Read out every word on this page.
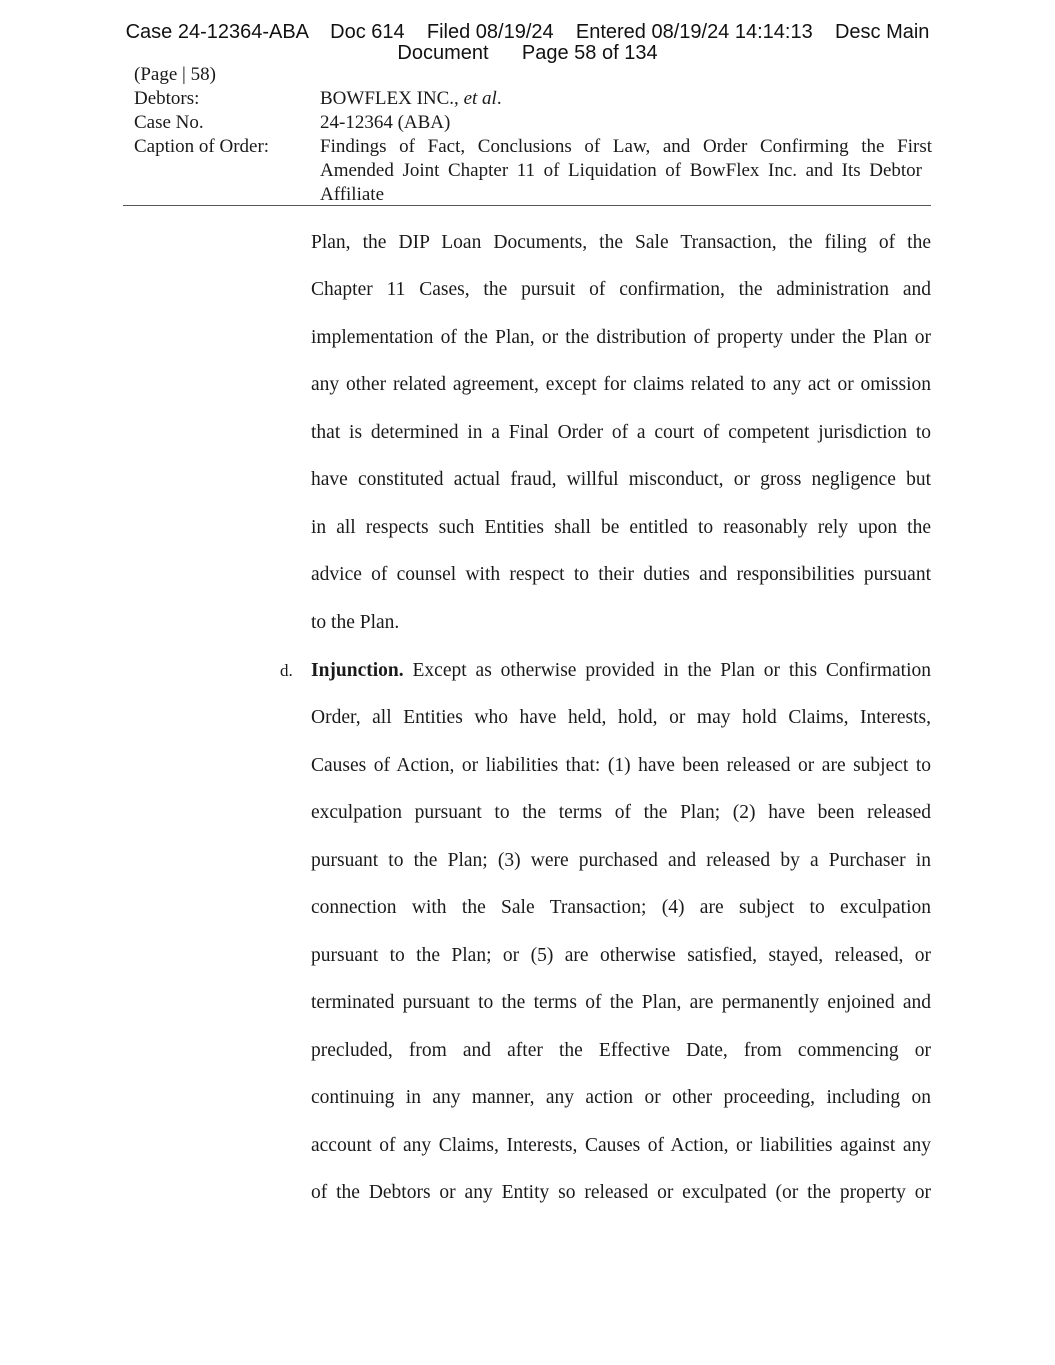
Case 24-12364-ABA    Doc 614    Filed 08/19/24    Entered 08/19/24 14:14:13    Desc Main
Document      Page 58 of 134
(Page | 58)
Debtors:	BOWFLEX INC., et al.
Case No.	24-12364 (ABA)
Caption of Order:	Findings of Fact, Conclusions of Law, and Order Confirming the First
Amended Joint Chapter 11 of Liquidation of BowFlex Inc. and Its Debtor
Affiliate
Plan, the DIP Loan Documents, the Sale Transaction, the filing of the
Chapter 11 Cases, the pursuit of confirmation, the administration and
implementation of the Plan, or the distribution of property under the Plan or
any other related agreement, except for claims related to any act or omission
that is determined in a Final Order of a court of competent jurisdiction to
have constituted actual fraud, willful misconduct, or gross negligence but
in all respects such Entities shall be entitled to reasonably rely upon the
advice of counsel with respect to their duties and responsibilities pursuant
to the Plan.
d. Injunction. Except as otherwise provided in the Plan or this Confirmation
Order, all Entities who have held, hold, or may hold Claims, Interests,
Causes of Action, or liabilities that: (1) have been released or are subject to
exculpation pursuant to the terms of the Plan; (2) have been released
pursuant to the Plan; (3) were purchased and released by a Purchaser in
connection with the Sale Transaction; (4) are subject to exculpation
pursuant to the Plan; or (5) are otherwise satisfied, stayed, released, or
terminated pursuant to the terms of the Plan, are permanently enjoined and
precluded, from and after the Effective Date, from commencing or
continuing in any manner, any action or other proceeding, including on
account of any Claims, Interests, Causes of Action, or liabilities against any
of the Debtors or any Entity so released or exculpated (or the property or
